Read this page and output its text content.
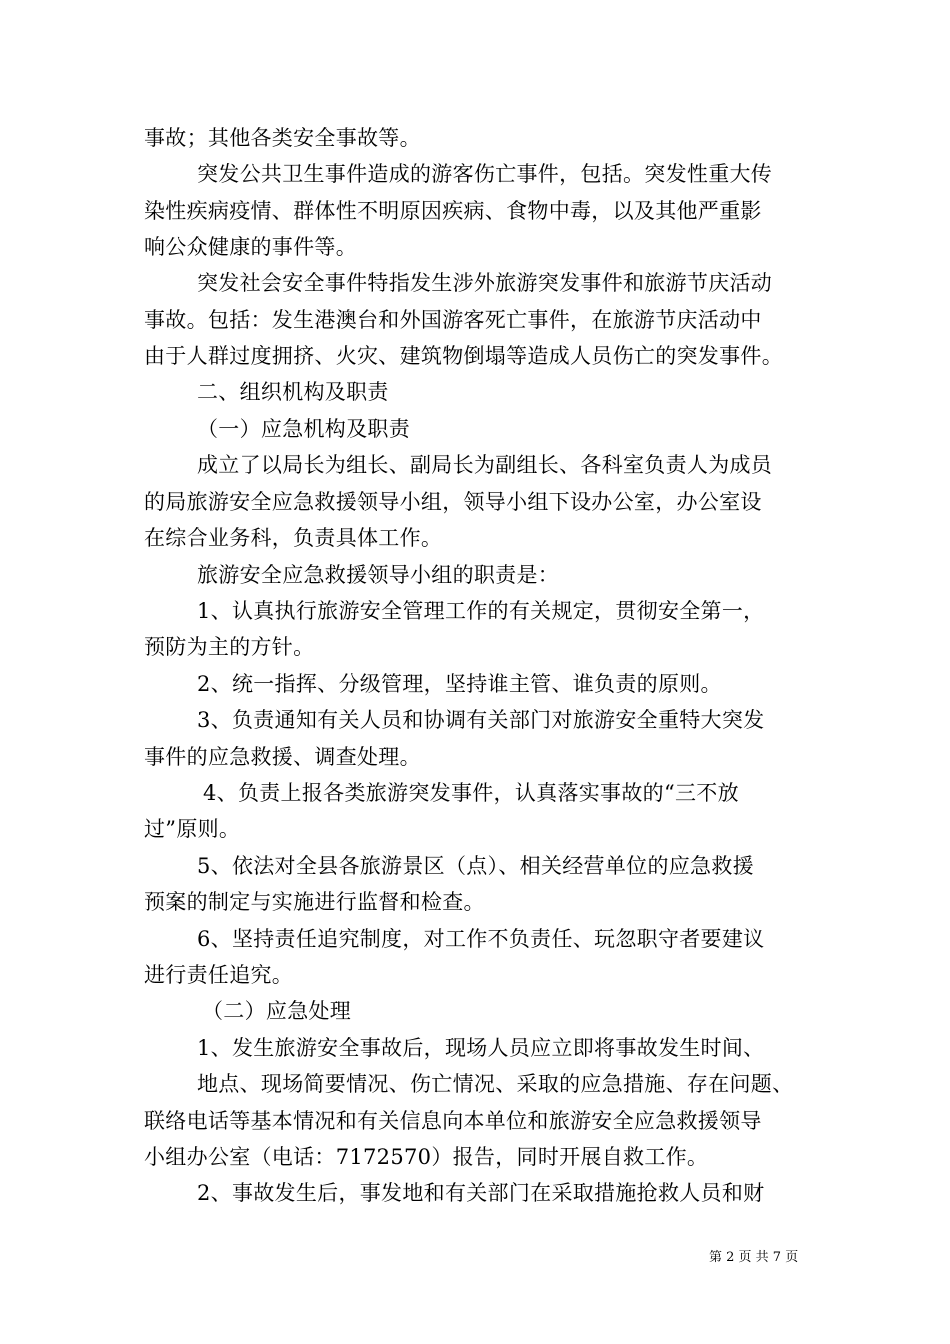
事故；其他各类安全事故等。
突发公共卫生事件造成的游客伤亡事件，包括。突发性重大传
染性疾病疫情、群体性不明原因疾病、食物中毒，以及其他严重影
响公众健康的事件等。
突发社会安全事件特指发生涉外旅游突发事件和旅游节庆活动
事故。包括：发生港澳台和外国游客死亡事件，在旅游节庆活动中
由于人群过度拥挤、火灾、建筑物倒塌等造成人员伤亡的突发事件。
二、组织机构及职责
（一）应急机构及职责
成立了以局长为组长、副局长为副组长、各科室负责人为成员
的局旅游安全应急救援领导小组，领导小组下设办公室，办公室设
在综合业务科，负责具体工作。
旅游安全应急救援领导小组的职责是：
1、认真执行旅游安全管理工作的有关规定，贯彻安全第一，
预防为主的方针。
2、统一指挥、分级管理，坚持谁主管、谁负责的原则。
3、负责通知有关人员和协调有关部门对旅游安全重特大突发
事件的应急救援、调查处理。
4、负责上报各类旅游突发事件，认真落实事故的“三不放
过”原则。
5、依法对全县各旅游景区（点）、相关经营单位的应急救援
预案的制定与实施进行监督和检查。
6、坚持责任追究制度，对工作不负责任、玩忽职守者要建议
进行责任追究。
（二）应急处理
1、发生旅游安全事故后，现场人员应立即将事故发生时间、
地点、现场简要情况、伤亡情况、采取的应急措施、存在问题、
联络电话等基本情况和有关信息向本单位和旅游安全应急救援领导
小组办公室（电话：7172570）报告，同时开展自救工作。
2、事故发生后，事发地和有关部门在采取措施抢救人员和财
第 2 页 共 7 页
